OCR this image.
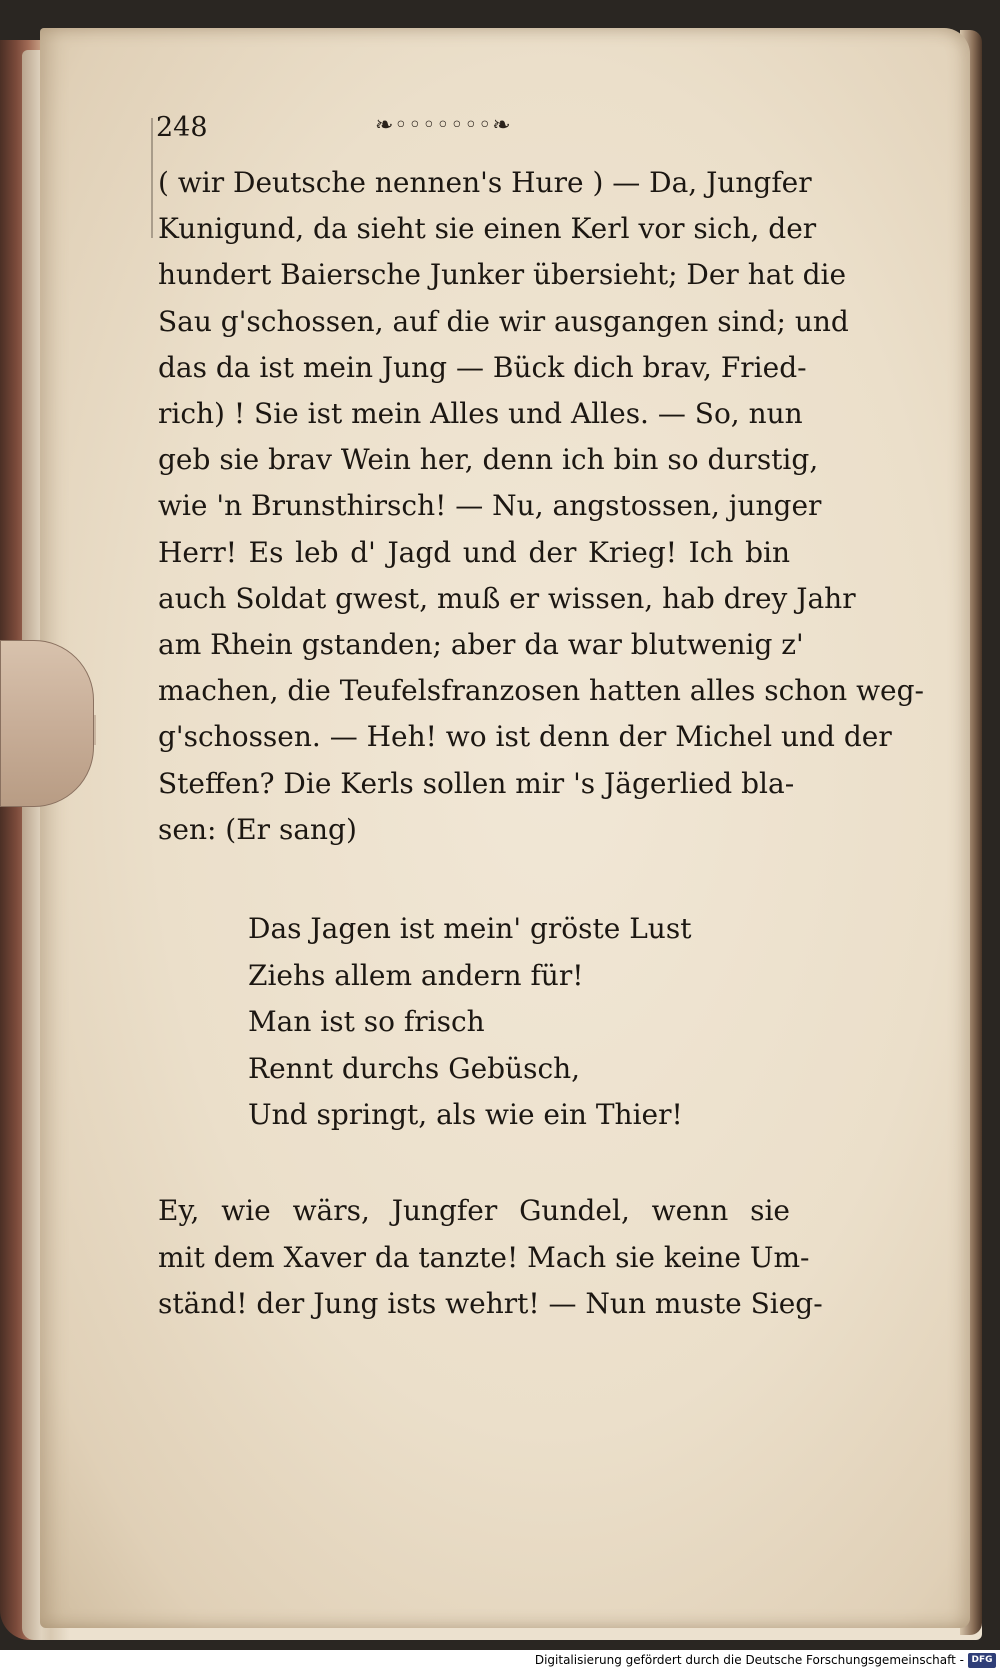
248	❧◦◦◦◦◦◦◦❧
( wir Deutsche nennen's Hure ) — Da, Jungfer
Kunigund, da sieht sie einen Kerl vor sich, der
hundert Baiersche Junker übersieht; Der hat die
Sau g'schossen, auf die wir ausgangen sind; und
das da ist mein Jung — Bück dich brav, Fried-
rich) ! Sie ist mein Alles und Alles. — So, nun
geb sie brav Wein her, denn ich bin so durstig,
wie 'n Brunsthirsch! — Nu, angstossen, junger
Herr! Es leb d' Jagd und der Krieg! Ich bin
auch Soldat gwest, muß er wissen, hab drey Jahr
am Rhein gstanden; aber da war blutwenig z'
machen, die Teufelsfranzosen hatten alles schon weg-
g'schossen. — Heh! wo ist denn der Michel und der
Steffen? Die Kerls sollen mir 's Jägerlied bla-
sen: (Er sang)
Das Jagen ist mein' gröste Lust
Ziehs allem andern für!
Man ist so frisch
Rennt durchs Gebüsch,
Und springt, als wie ein Thier!
Ey, wie wärs, Jungfer Gundel, wenn sie
mit dem Xaver da tanzte! Mach sie keine Um-
ständ! der Jung ists wehrt! — Nun muste Sieg-
Digitalisierung gefördert durch die Deutsche Forschungsgemeinschaft - DFG
